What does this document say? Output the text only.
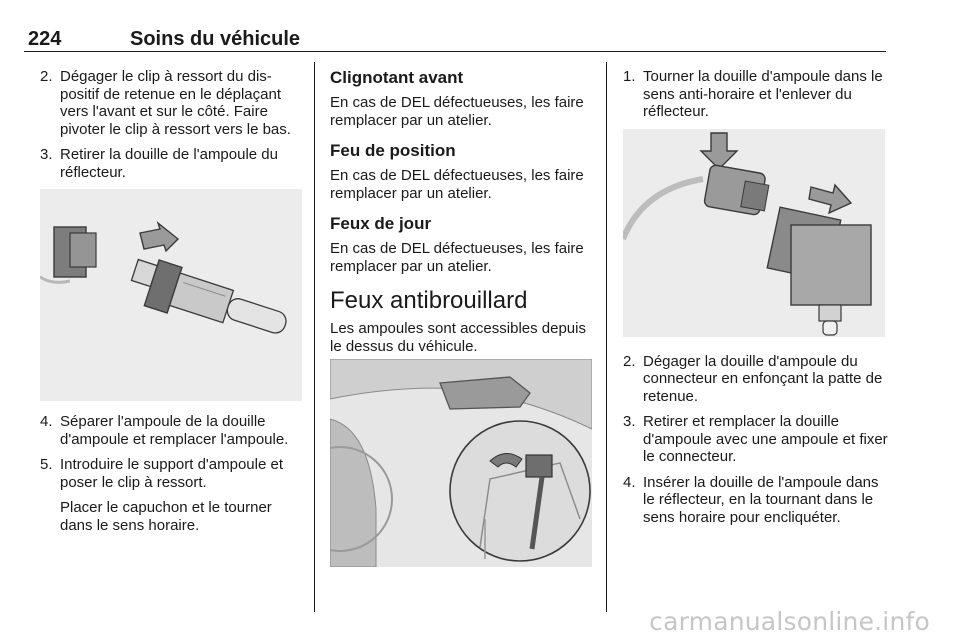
224	Soins du véhicule
2. Dégager le clip à ressort du dispositif de retenue en le déplaçant vers l'avant et sur le côté. Faire pivoter le clip à ressort vers le bas.
3. Retirer la douille de l'ampoule du réflecteur.
4. Séparer l'ampoule de la douille d'ampoule et remplacer l'ampoule.
5. Introduire le support d'ampoule et poser le clip à ressort.
Placer le capuchon et le tourner dans le sens horaire.
Clignotant avant

En cas de DEL défectueuses, les faire remplacer par un atelier.

Feu de position

En cas de DEL défectueuses, les faire remplacer par un atelier.

Feux de jour

En cas de DEL défectueuses, les faire remplacer par un atelier.

Feux antibrouillard

Les ampoules sont accessibles depuis le dessus du véhicule.

1. Tourner la douille d'ampoule dans le sens anti-horaire et l'enlever du réflecteur.
2. Dégager la douille d'ampoule du connecteur en enfonçant la patte de retenue.
3. Retirer et remplacer la douille d'ampoule avec une ampoule et fixer le connecteur.
4. Insérer la douille de l'ampoule dans le réflecteur, en la tournant dans le sens horaire pour encliquéter.
carmanualsonline.info
